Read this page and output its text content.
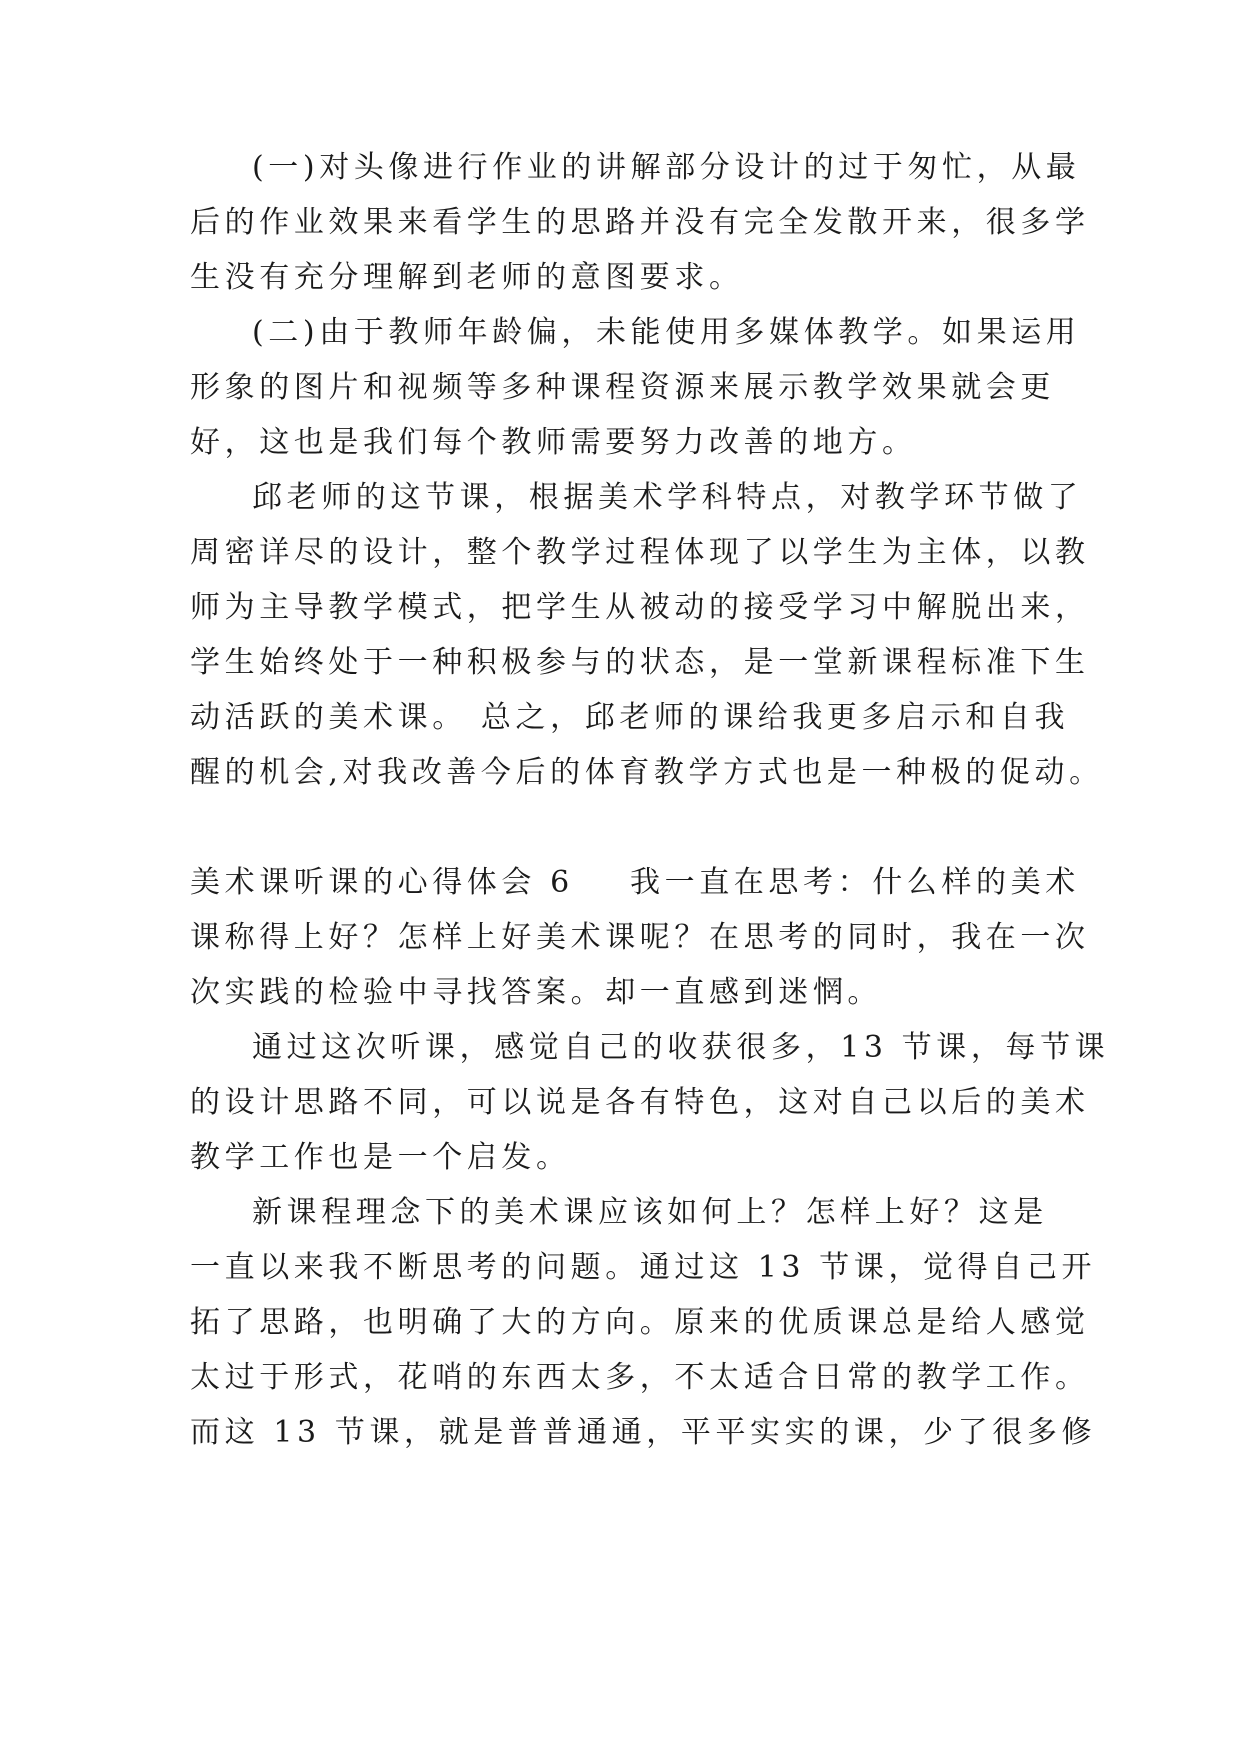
(一)对头像进行作业的讲解部分设计的过于匆忙，从最
后的作业效果来看学生的思路并没有完全发散开来，很多学
生没有充分理解到老师的意图要求。
(二)由于教师年龄偏，未能使用多媒体教学。如果运用
形象的图片和视频等多种课程资源来展示教学效果就会更
好，这也是我们每个教师需要努力改善的地方。
邱老师的这节课，根据美术学科特点，对教学环节做了
周密详尽的设计，整个教学过程体现了以学生为主体，以教
师为主导教学模式，把学生从被动的接受学习中解脱出来，
学生始终处于一种积极参与的状态，是一堂新课程标准下生
动活跃的美术课。 总之，邱老师的课给我更多启示和自我
醒的机会,对我改善今后的体育教学方式也是一种极的促动。
美术课听课的心得体会 6 我一直在思考：什么样的美术
课称得上好？怎样上好美术课呢？在思考的同时，我在一次
次实践的检验中寻找答案。却一直感到迷惘。
通过这次听课，感觉自己的收获很多，13 节课，每节课
的设计思路不同，可以说是各有特色，这对自己以后的美术
教学工作也是一个启发。
新课程理念下的美术课应该如何上？怎样上好？这是
一直以来我不断思考的问题。通过这 13 节课，觉得自己开
拓了思路，也明确了大的方向。原来的优质课总是给人感觉
太过于形式，花哨的东西太多，不太适合日常的教学工作。
而这 13 节课，就是普普通通，平平实实的课，少了很多修
